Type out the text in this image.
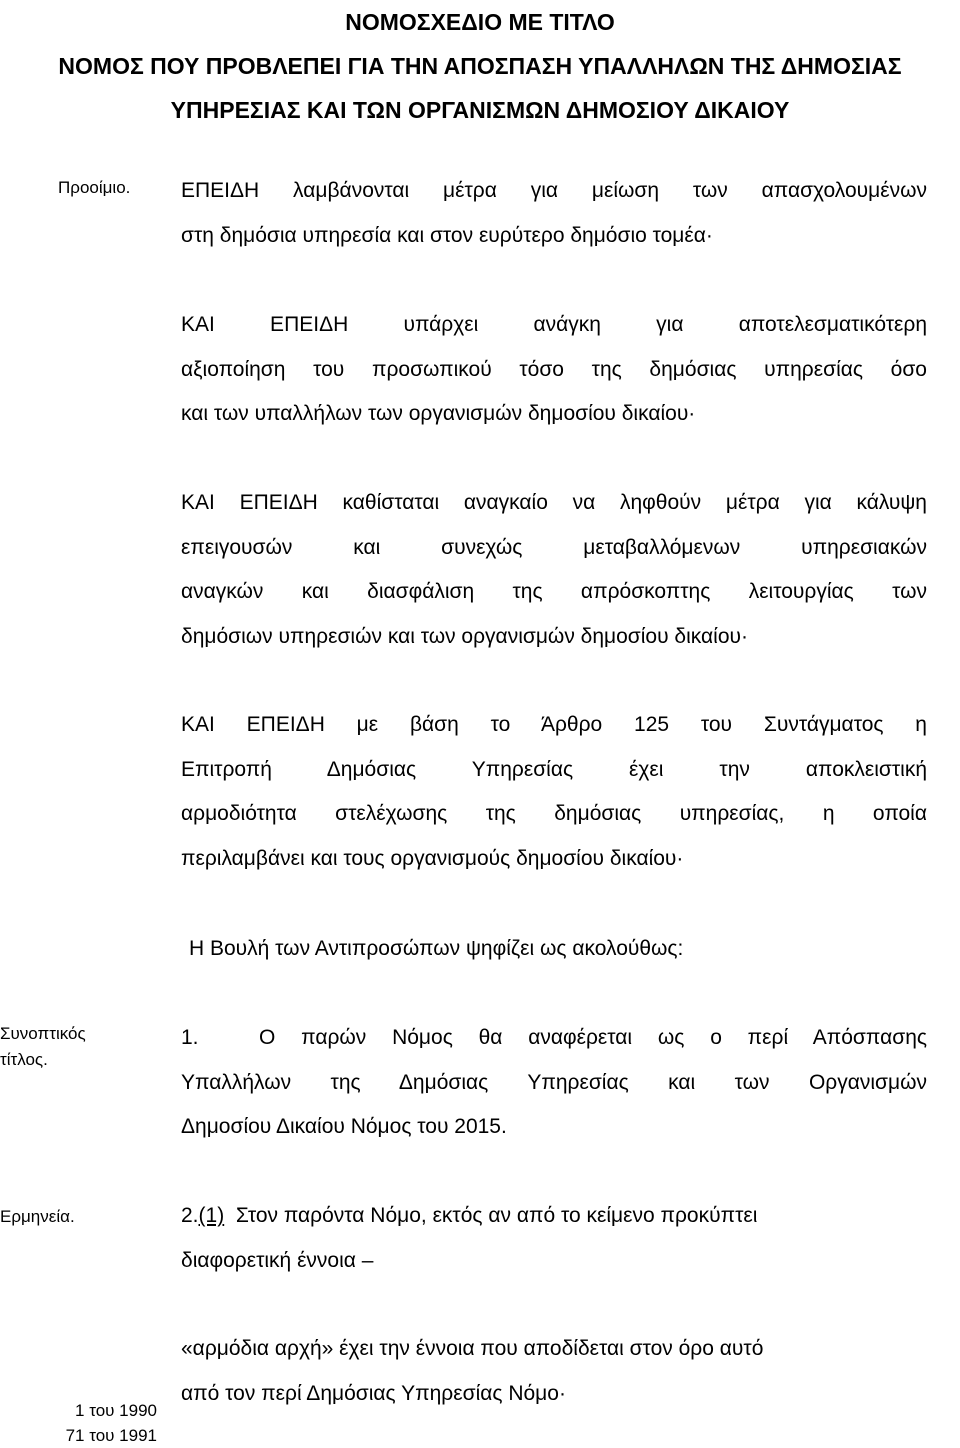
ΝΟΜΟΣΧΕΔΙΟ ΜΕ ΤΙΤΛΟ
ΝΟΜΟΣ ΠΟΥ ΠΡΟΒΛΕΠΕΙ ΓΙΑ ΤΗΝ ΑΠΟΣΠΑΣΗ ΥΠΑΛΛΗΛΩΝ ΤΗΣ ΔΗΜΟΣΙΑΣ
ΥΠΗΡΕΣΙΑΣ ΚΑΙ ΤΩΝ ΟΡΓΑΝΙΣΜΩΝ ΔΗΜΟΣΙΟΥ ΔΙΚΑΙΟΥ
Προοίμιο. ΕΠΕΙΔΗ λαμβάνονται μέτρα για μείωση των απασχολουμένων
στη δημόσια υπηρεσία και στον ευρύτερο δημόσιο τομέα·
ΚΑΙ ΕΠΕΙΔΗ υπάρχει ανάγκη για αποτελεσματικότερη
αξιοποίηση του προσωπικού τόσο της δημόσιας υπηρεσίας όσο
και των υπαλλήλων των οργανισμών δημοσίου δικαίου·
ΚΑΙ ΕΠΕΙΔΗ καθίσταται αναγκαίο να ληφθούν μέτρα για κάλυψη
επειγουσών και συνεχώς μεταβαλλόμενων υπηρεσιακών
αναγκών και διασφάλιση της απρόσκοπτης λειτουργίας των
δημόσιων υπηρεσιών και των οργανισμών δημοσίου δικαίου·
ΚΑΙ ΕΠΕΙΔΗ με βάση το Άρθρο 125 του Συντάγματος η
Επιτροπή Δημόσιας Υπηρεσίας έχει την αποκλειστική
αρμοδιότητα στελέχωσης της δημόσιας υπηρεσίας, η οποία
περιλαμβάνει και τους οργανισμούς δημοσίου δικαίου·
Η Βουλή των Αντιπροσώπων ψηφίζει ως ακολούθως:
Συνοπτικός
τίτλος.
1.	Ο παρών Νόμος θα αναφέρεται ως ο περί Απόσπασης
Υπαλλήλων της Δημόσιας Υπηρεσίας και των Οργανισμών
Δημοσίου Δικαίου Νόμος του 2015.
Ερμηνεία.	2.(1) Στον παρόντα Νόμο, εκτός αν από το κείμενο προκύπτει
διαφορετική έννοια –
«αρμόδια αρχή» έχει την έννοια που αποδίδεται στον όρο αυτό
από τον περί Δημόσιας Υπηρεσίας Νόμο·
1 του 1990
71 του 1991
